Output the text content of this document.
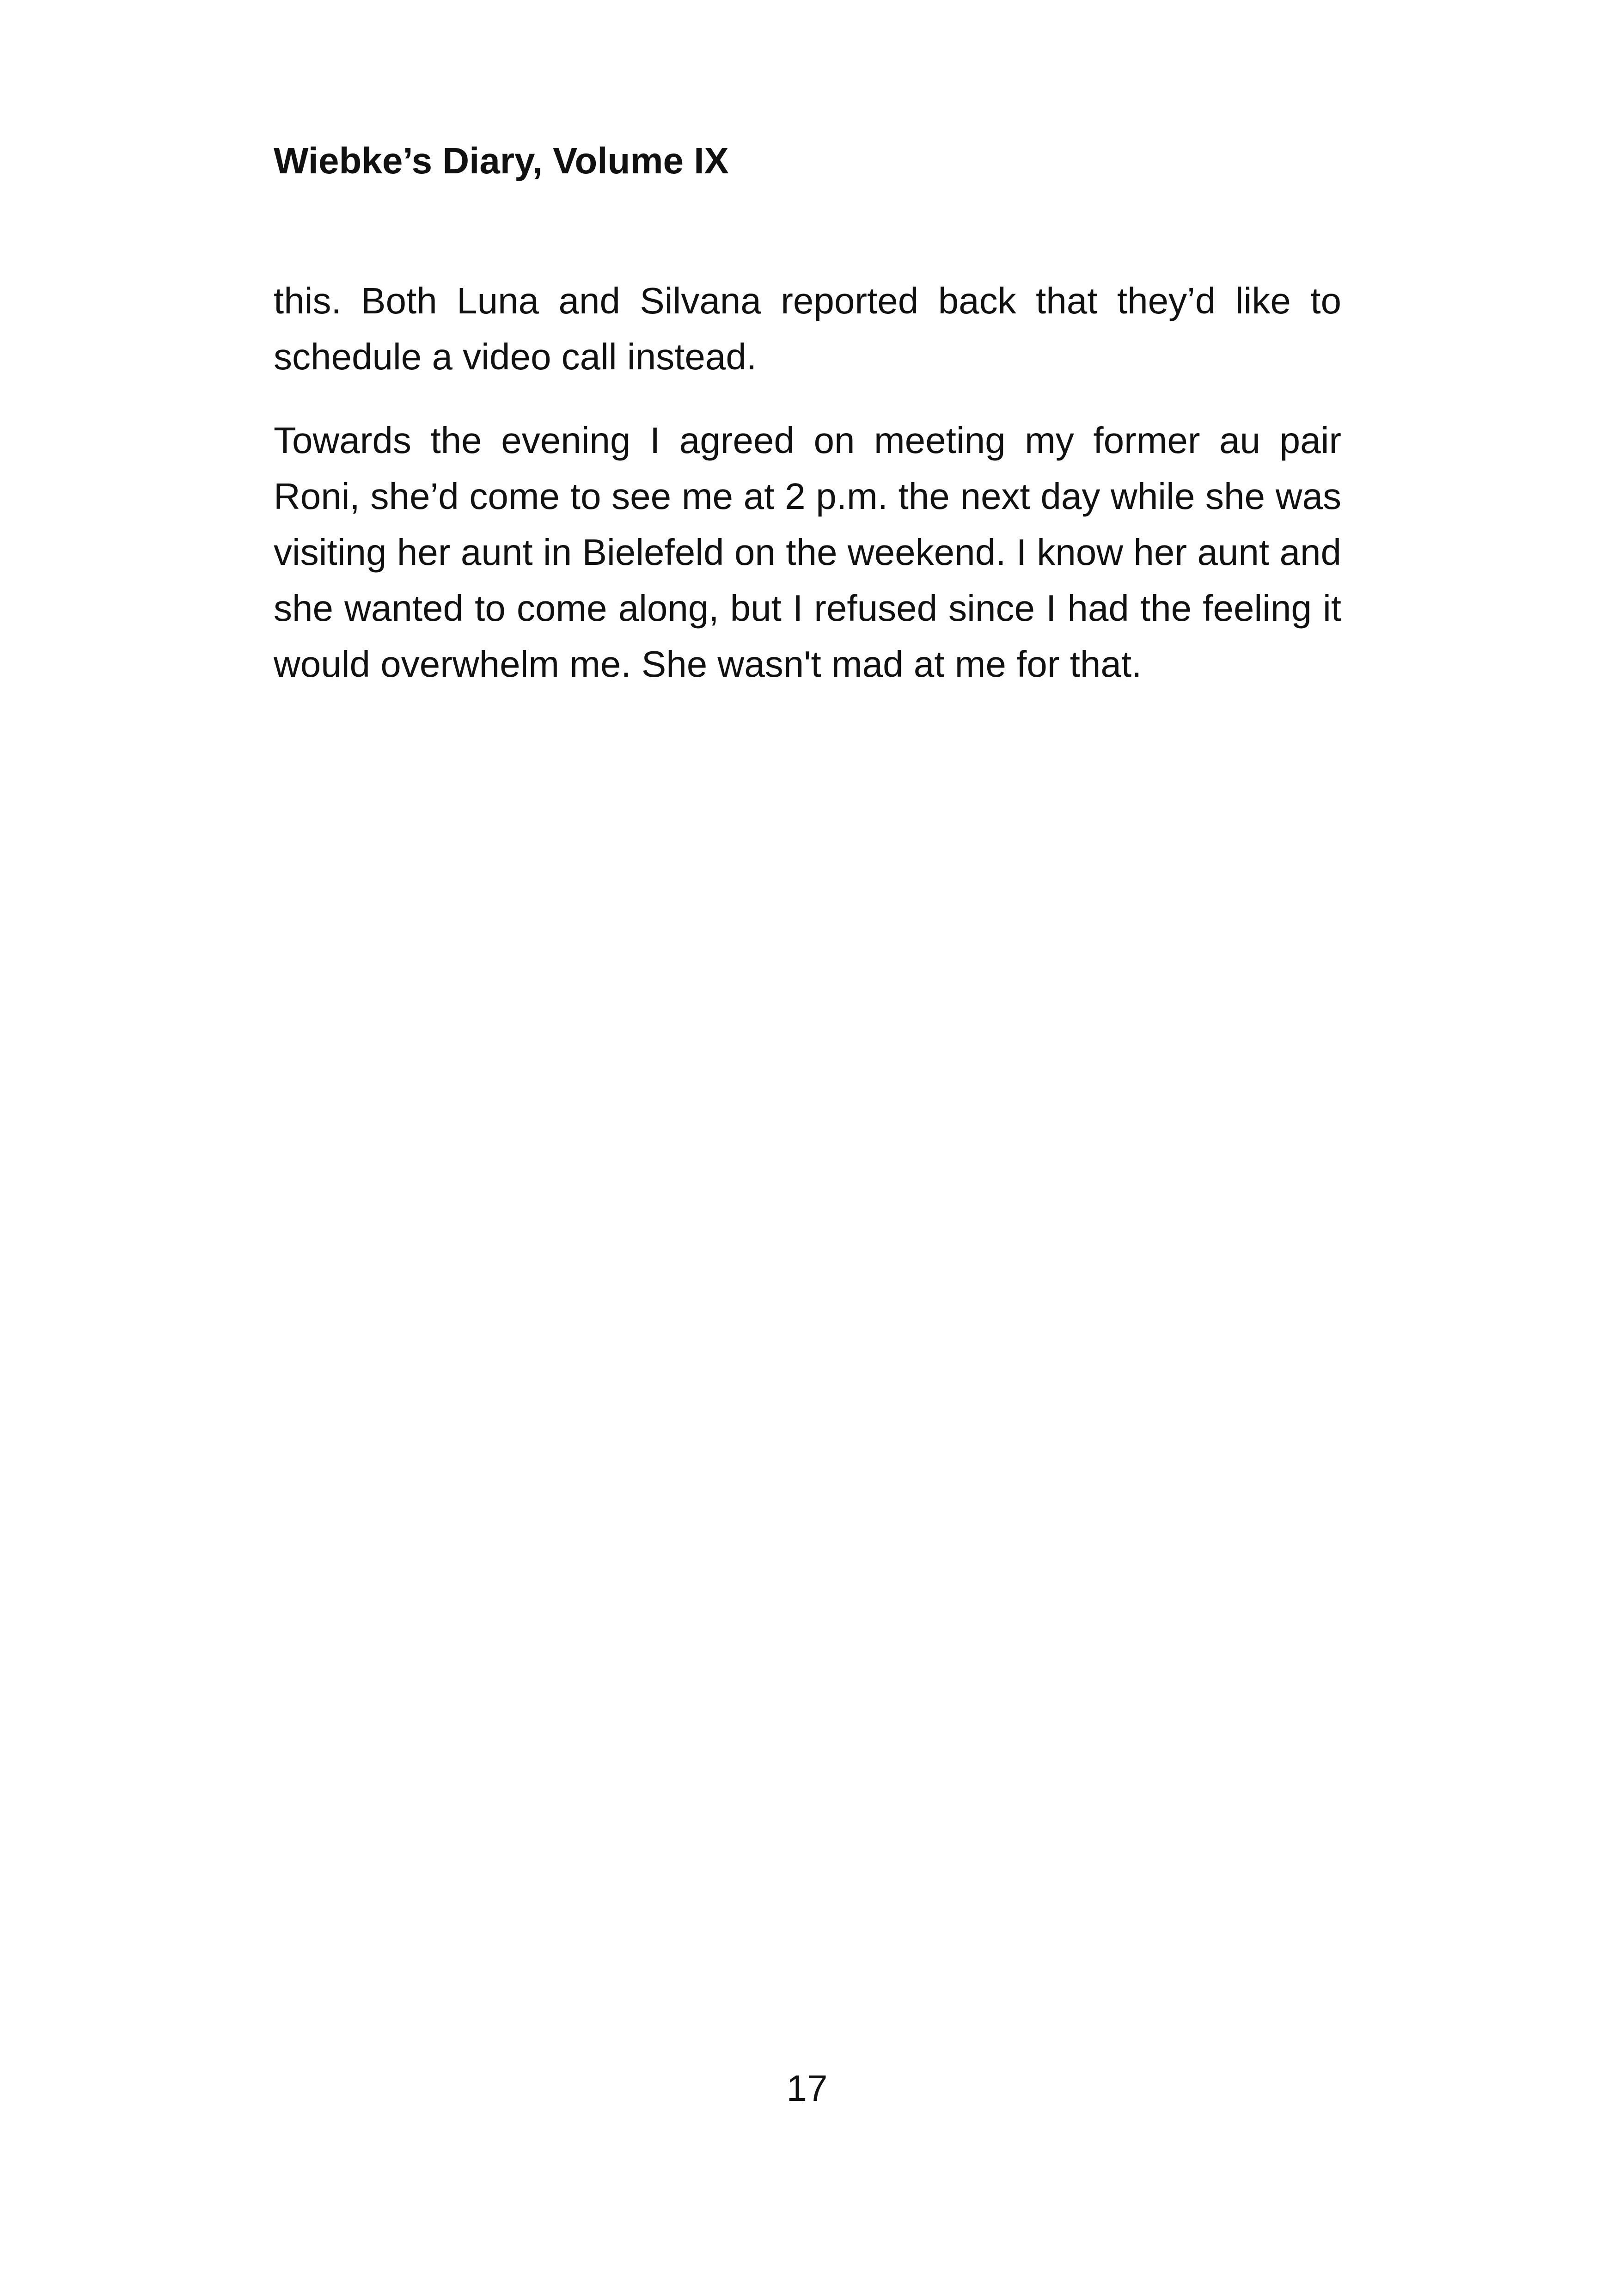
Wiebke’s Diary, Volume IX

this. Both Luna and Silvana reported back that they’d like to schedule a video call instead.

Towards the evening I agreed on meeting my former au pair Roni, she’d come to see me at 2 p.m. the next day while she was visiting her aunt in Bielefeld on the weekend. I know her aunt and she wanted to come along, but I refused since I had the feeling it would overwhelm me. She wasn't mad at me for that.

17
